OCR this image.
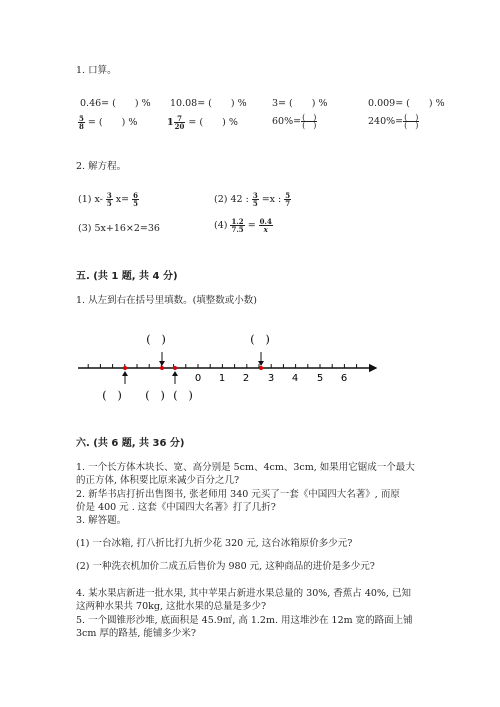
1. 口算。
0.46= (　　) % 10.08= (　　) %	3= (　　) %	0.009= (　　) %
$\frac{5}{8}$ = (　　) %	$1 \frac{7}{20}$ = (　　) %	$60\%= \frac{( )}{( )}$	$240\%= \frac{( )}{( )}$
2. 解方程。
(1) $x- \frac{3}{5} x= \frac{6}{5}$	(2) 42 : $\frac{3}{5} =x$ : $\frac{5}{7}$
(3) 5x+16×2=36	$(4) \frac{1.2}{7.5} = \frac{0.4}{x}$
五. (共 1 题, 共 4 分)
1. 从左到右在括号里填数。(填整数或小数)
0 1 2 3 4 5 6
(　)	(　)
(　) (　) (　)
六. (共 6 题, 共 36 分)
1. 一个长方体木块长、宽、高分别是 5cm、4cm、3cm, 如果用它锯成一个最大
的正方体, 体积要比原来减少百分之几?
2. 新华书店打折出售图书, 张老师用 340 元买了一套《中国四大名著》, 而原
价是 400 元 . 这套《中国四大名著》打了几折?
3. 解答题。
(1) 一台冰箱, 打八折比打九折少花 320 元, 这台冰箱原价多少元?
(2) 一种洗衣机加价二成五后售价为 980 元, 这种商品的进价是多少元?
4. 某水果店新进一批水果, 其中苹果占新进水果总量的 30%, 香蕉占 40%, 已知
这两种水果共 70kg, 这批水果的总量是多少?
5. 一个圆锥形沙堆, 底面积是 45.9㎡, 高 1.2m. 用这堆沙在 12m 宽的路面上铺
3cm 厚的路基, 能铺多少米?
